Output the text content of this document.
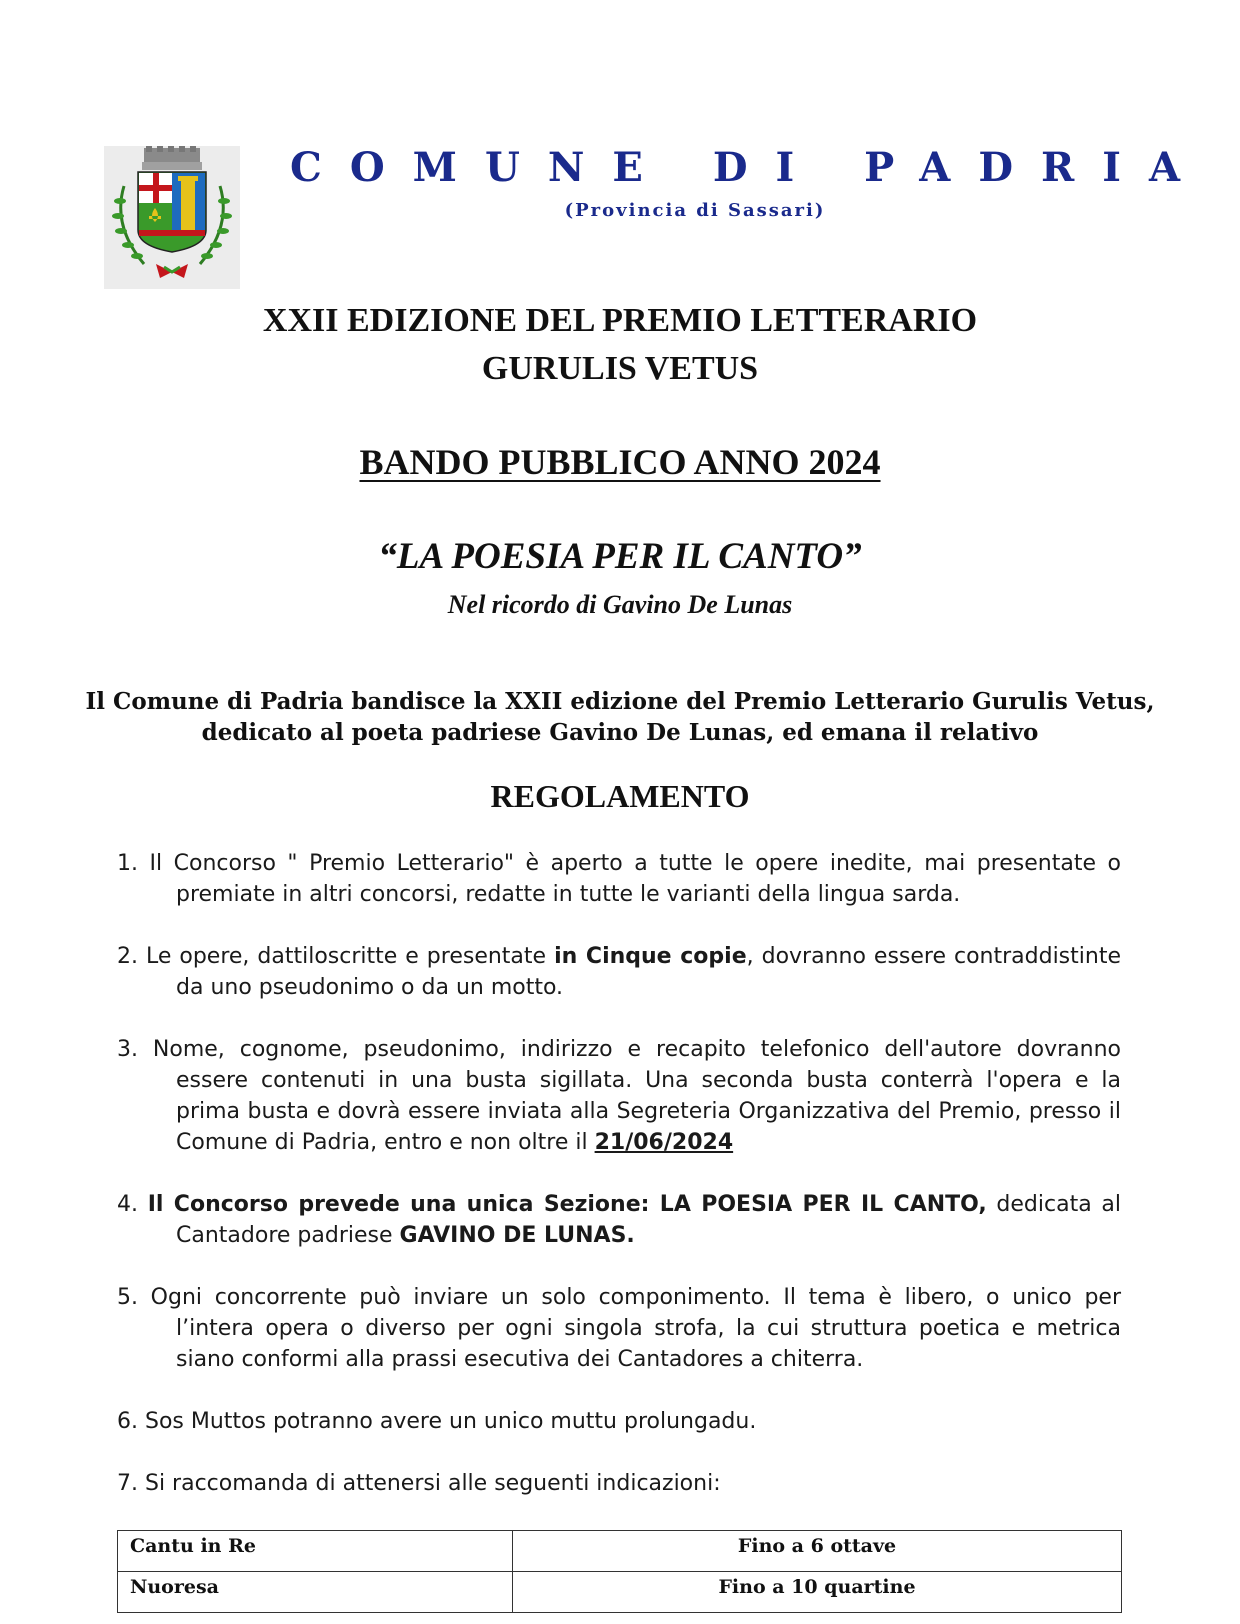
COMUNE DI PADRIA

(Provincia di Sassari)

XXII EDIZIONE DEL PREMIO LETTERARIO
GURULIS VETUS
BANDO PUBBLICO ANNO 2024
“LA POESIA PER IL CANTO”

Nel ricordo di Gavino De Lunas

Il Comune di Padria bandisce la XXII edizione del Premio Letterario Gurulis Vetus,
dedicato al poeta padriese Gavino De Lunas, ed emana il relativo

REGOLAMENTO
1. Il Concorso " Premio Letterario" è aperto a tutte le opere inedite, mai presentate o premiate in altri concorsi, redatte in tutte le varianti della lingua sarda.
2. Le opere, dattiloscritte e presentate in Cinque copie, dovranno essere contraddistinte da uno pseudonimo o da un motto.
3. Nome, cognome, pseudonimo, indirizzo e recapito telefonico dell'autore dovranno essere contenuti in una busta sigillata. Una seconda busta conterrà l'opera e la prima busta e dovrà essere inviata alla Segreteria Organizzativa del Premio, presso il Comune di Padria, entro e non oltre il 21/06/2024
4. Il Concorso prevede una unica Sezione: LA POESIA PER IL CANTO, dedicata al Cantadore padriese GAVINO DE LUNAS.
5. Ogni concorrente può inviare un solo componimento. Il tema è libero, o unico per l’intera opera o diverso per ogni singola strofa, la cui struttura poetica e metrica siano conformi alla prassi esecutiva dei Cantadores a chiterra.
6. Sos Muttos potranno avere un unico muttu prolungadu.
7. Si raccomanda di attenersi alle seguenti indicazioni:
Cantu in Re	Fino a 6 ottave
Nuoresa	Fino a 10 quartine
